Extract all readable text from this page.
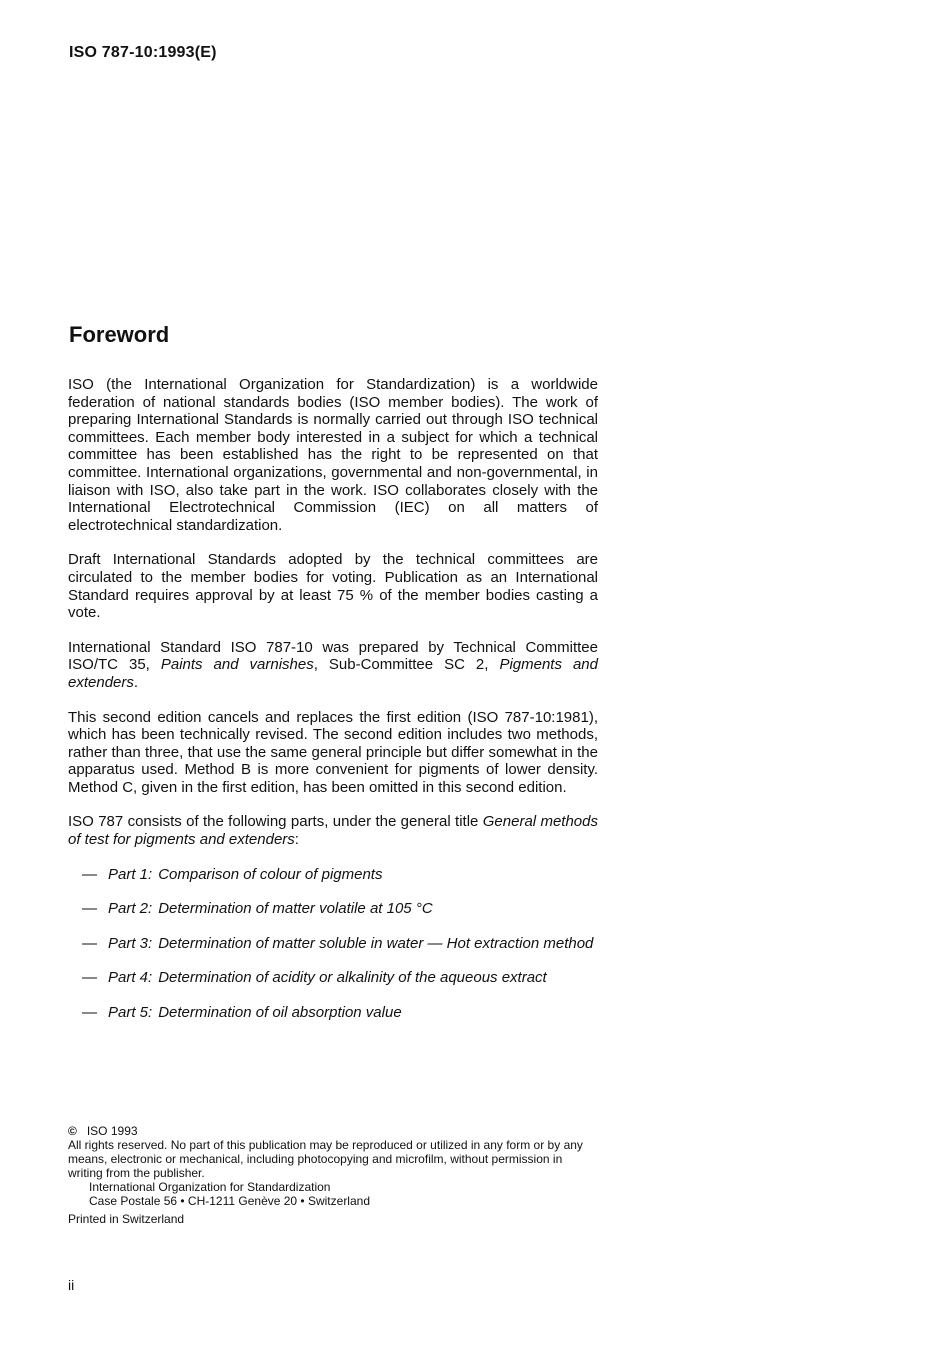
ISO 787-10:1993(E)
Foreword

ISO (the International Organization for Standardization) is a worldwide federation of national standards bodies (ISO member bodies). The work of preparing International Standards is normally carried out through ISO technical committees. Each member body interested in a subject for which a technical committee has been established has the right to be represented on that committee. International organizations, governmental and non-governmental, in liaison with ISO, also take part in the work. ISO collaborates closely with the International Electrotechnical Commission (IEC) on all matters of electrotechnical standardization.

Draft International Standards adopted by the technical committees are circulated to the member bodies for voting. Publication as an International Standard requires approval by at least 75 % of the member bodies casting a vote.

International Standard ISO 787-10 was prepared by Technical Committee ISO/TC 35, Paints and varnishes, Sub-Committee SC 2, Pigments and extenders.

This second edition cancels and replaces the first edition (ISO 787-10:1981), which has been technically revised. The second edition includes two methods, rather than three, that use the same general principle but differ somewhat in the apparatus used. Method B is more convenient for pigments of lower density. Method C, given in the first edition, has been omitted in this second edition.

ISO 787 consists of the following parts, under the general title General methods of test for pigments and extenders:

— Part 1: Comparison of colour of pigments
— Part 2: Determination of matter volatile at 105 °C
— Part 3: Determination of matter soluble in water — Hot extraction method
— Part 4: Determination of acidity or alkalinity of the aqueous extract
— Part 5: Determination of oil absorption value

© ISO 1993

All rights reserved. No part of this publication may be reproduced or utilized in any form or by any means, electronic or mechanical, including photocopying and microfilm, without permission in writing from the publisher.

International Organization for Standardization

Case Postale 56 • CH-1211 Genève 20 • Switzerland

Printed in Switzerland

ii
